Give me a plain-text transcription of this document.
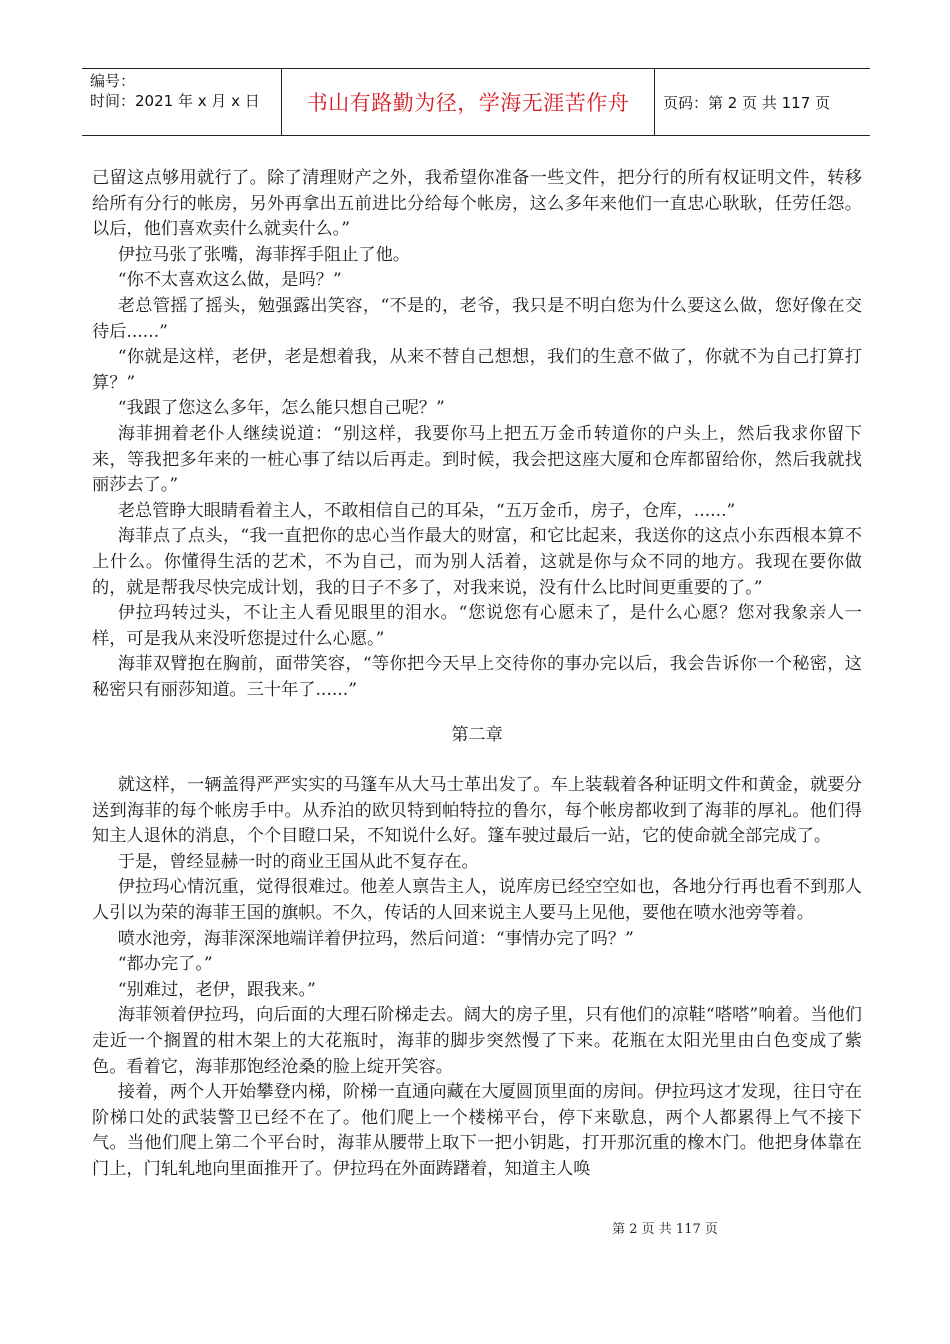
编号：
时间：2021 年 x 月 x 日	书山有路勤为径，学海无涯苦作舟	页码：第 2 页 共 117 页

己留这点够用就行了。除了清理财产之外，我希望你准备一些文件，把分行的所有权证明文件，转移给所有分行的帐房，另外再拿出五前进比分给每个帐房，这么多年来他们一直忠心耿耿，任劳任怨。以后，他们喜欢卖什么就卖什么。”

伊拉马张了张嘴，海菲挥手阻止了他。

“你不太喜欢这么做，是吗？”

老总管摇了摇头，勉强露出笑容，“不是的，老爷，我只是不明白您为什么要这么做，您好像在交待后......”

“你就是这样，老伊，老是想着我，从来不替自己想想，我们的生意不做了，你就不为自己打算打算？”

“我跟了您这么多年，怎么能只想自己呢？”

海菲拥着老仆人继续说道：“别这样，我要你马上把五万金币转道你的户头上，然后我求你留下来，等我把多年来的一桩心事了结以后再走。到时候，我会把这座大厦和仓库都留给你，然后我就找丽莎去了。”

老总管睁大眼睛看着主人，不敢相信自己的耳朵，“五万金币，房子，仓库，......”

海菲点了点头，“我一直把你的忠心当作最大的财富，和它比起来，我送你的这点小东西根本算不上什么。你懂得生活的艺术，不为自己，而为别人活着，这就是你与众不同的地方。我现在要你做的，就是帮我尽快完成计划，我的日子不多了，对我来说，没有什么比时间更重要的了。”

伊拉玛转过头，不让主人看见眼里的泪水。“您说您有心愿未了，是什么心愿？您对我象亲人一样，可是我从来没听您提过什么心愿。”

海菲双臂抱在胸前，面带笑容，“等你把今天早上交待你的事办完以后，我会告诉你一个秘密，这秘密只有丽莎知道。三十年了......”

第二章

就这样，一辆盖得严严实实的马篷车从大马士革出发了。车上装载着各种证明文件和黄金，就要分送到海菲的每个帐房手中。从乔泊的欧贝特到帕特拉的鲁尔，每个帐房都收到了海菲的厚礼。他们得知主人退休的消息，个个目瞪口呆，不知说什么好。篷车驶过最后一站，它的使命就全部完成了。

于是，曾经显赫一时的商业王国从此不复存在。

伊拉玛心情沉重，觉得很难过。他差人禀告主人，说库房已经空空如也，各地分行再也看不到那人人引以为荣的海菲王国的旗帜。不久，传话的人回来说主人要马上见他，要他在喷水池旁等着。

喷水池旁，海菲深深地端详着伊拉玛，然后问道：“事情办完了吗？”

“都办完了。”

“别难过，老伊，跟我来。”

海菲领着伊拉玛，向后面的大理石阶梯走去。阔大的房子里，只有他们的凉鞋“嗒嗒”响着。当他们走近一个搁置的柑木架上的大花瓶时，海菲的脚步突然慢了下来。花瓶在太阳光里由白色变成了紫色。看着它，海菲那饱经沧桑的脸上绽开笑容。

接着，两个人开始攀登内梯，阶梯一直通向藏在大厦圆顶里面的房间。伊拉玛这才发现，往日守在阶梯口处的武装警卫已经不在了。他们爬上一个楼梯平台，停下来歇息，两个人都累得上气不接下气。当他们爬上第二个平台时，海菲从腰带上取下一把小钥匙，打开那沉重的橡木门。他把身体靠在门上，门轧轧地向里面推开了。伊拉玛在外面踌躇着，知道主人唤

第 2 页 共 117 页
